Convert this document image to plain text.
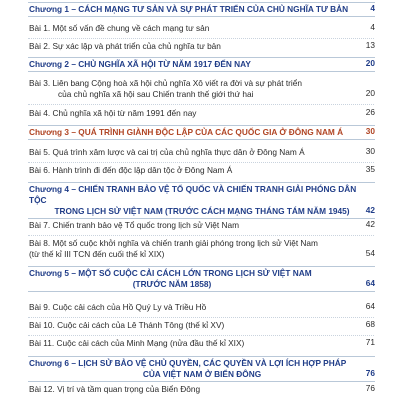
Chương 1 – CÁCH MẠNG TƯ SẢN VÀ SỰ PHÁT TRIỂN CỦA CHỦ NGHĨA TƯ BẢN	4
Bài 1. Một số vấn đề chung về cách mạng tư sản	4
Bài 2. Sự xác lập và phát triển của chủ nghĩa tư bản	13
Chương 2 – CHỦ NGHĨA XÃ HỘI TỪ NĂM 1917 ĐẾN NAY	20
Bài 3. Liên bang Cộng hoà xã hội chủ nghĩa Xô viết ra đời và sự phát triển
của chủ nghĩa xã hội sau Chiến tranh thế giới thứ hai	20
Bài 4. Chủ nghĩa xã hội từ năm 1991 đến nay	26
Chương 3 – QUÁ TRÌNH GIÀNH ĐỘC LẬP CỦA CÁC QUỐC GIA Ở ĐÔNG NAM Á	30
Bài 5. Quá trình xâm lược và cai trị của chủ nghĩa thực dân ở Đông Nam Á	30
Bài 6. Hành trình đi đến độc lập dân tộc ở Đông Nam Á	35
Chương 4 – CHIẾN TRANH BẢO VỆ TỔ QUỐC VÀ CHIẾN TRANH GIẢI PHÓNG DÂN TỘC
TRONG LỊCH SỬ VIỆT NAM (TRƯỚC CÁCH MẠNG THÁNG TÁM NĂM 1945)	42
Bài 7. Chiến tranh bảo vệ Tổ quốc trong lịch sử Việt Nam	42
Bài 8. Một số cuộc khởi nghĩa và chiến tranh giải phóng trong lịch sử Việt Nam
(từ thế kỉ III TCN đến cuối thế kỉ XIX)	54
Chương 5 – MỘT SỐ CUỘC CẢI CÁCH LỚN TRONG LỊCH SỬ VIỆT NAM
(TRƯỚC NĂM 1858)	64
Bài 9. Cuộc cải cách của Hồ Quý Ly và Triều Hồ	64
Bài 10. Cuộc cải cách của Lê Thánh Tông (thế kỉ XV)	68
Bài 11. Cuộc cải cách của Minh Mạng (nửa đầu thế kỉ XIX)	71
Chương 6 – LỊCH SỬ BẢO VỆ CHỦ QUYỀN, CÁC QUYỀN VÀ LỢI ÍCH HỢP PHÁP
CỦA VIỆT NAM Ở BIỂN ĐÔNG	76
Bài 12. Vị trí và tầm quan trọng của Biển Đông	76
